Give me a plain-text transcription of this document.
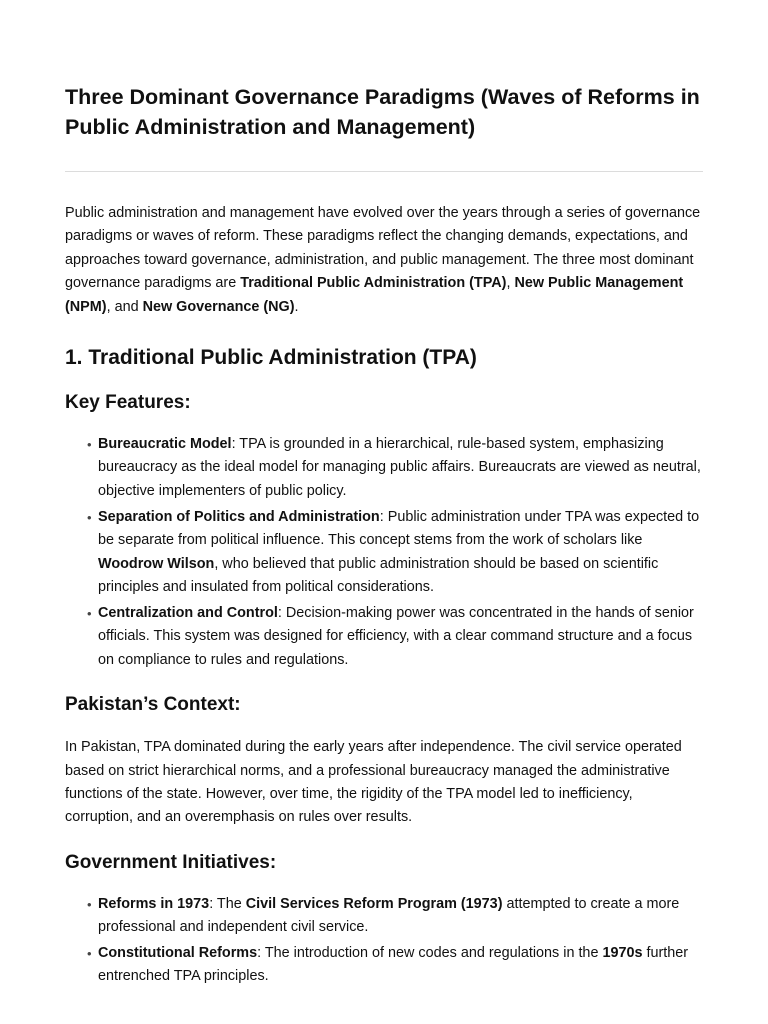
Three Dominant Governance Paradigms (Waves of Reforms in Public Administration and Management)

Public administration and management have evolved over the years through a series of governance paradigms or waves of reform. These paradigms reflect the changing demands, expectations, and approaches toward governance, administration, and public management. The three most dominant governance paradigms are Traditional Public Administration (TPA), New Public Management (NPM), and New Governance (NG).

1. Traditional Public Administration (TPA)
Key Features:
• Bureaucratic Model: TPA is grounded in a hierarchical, rule-based system, emphasizing bureaucracy as the ideal model for managing public affairs. Bureaucrats are viewed as neutral, objective implementers of public policy.
• Separation of Politics and Administration: Public administration under TPA was expected to be separate from political influence. This concept stems from the work of scholars like Woodrow Wilson, who believed that public administration should be based on scientific principles and insulated from political considerations.
• Centralization and Control: Decision-making power was concentrated in the hands of senior officials. This system was designed for efficiency, with a clear command structure and a focus on compliance to rules and regulations.
Pakistan’s Context:

In Pakistan, TPA dominated during the early years after independence. The civil service operated based on strict hierarchical norms, and a professional bureaucracy managed the administrative functions of the state. However, over time, the rigidity of the TPA model led to inefficiency, corruption, and an overemphasis on rules over results.

Government Initiatives:
• Reforms in 1973: The Civil Services Reform Program (1973) attempted to create a more professional and independent civil service.
• Constitutional Reforms: The introduction of new codes and regulations in the 1970s further entrenched TPA principles.
